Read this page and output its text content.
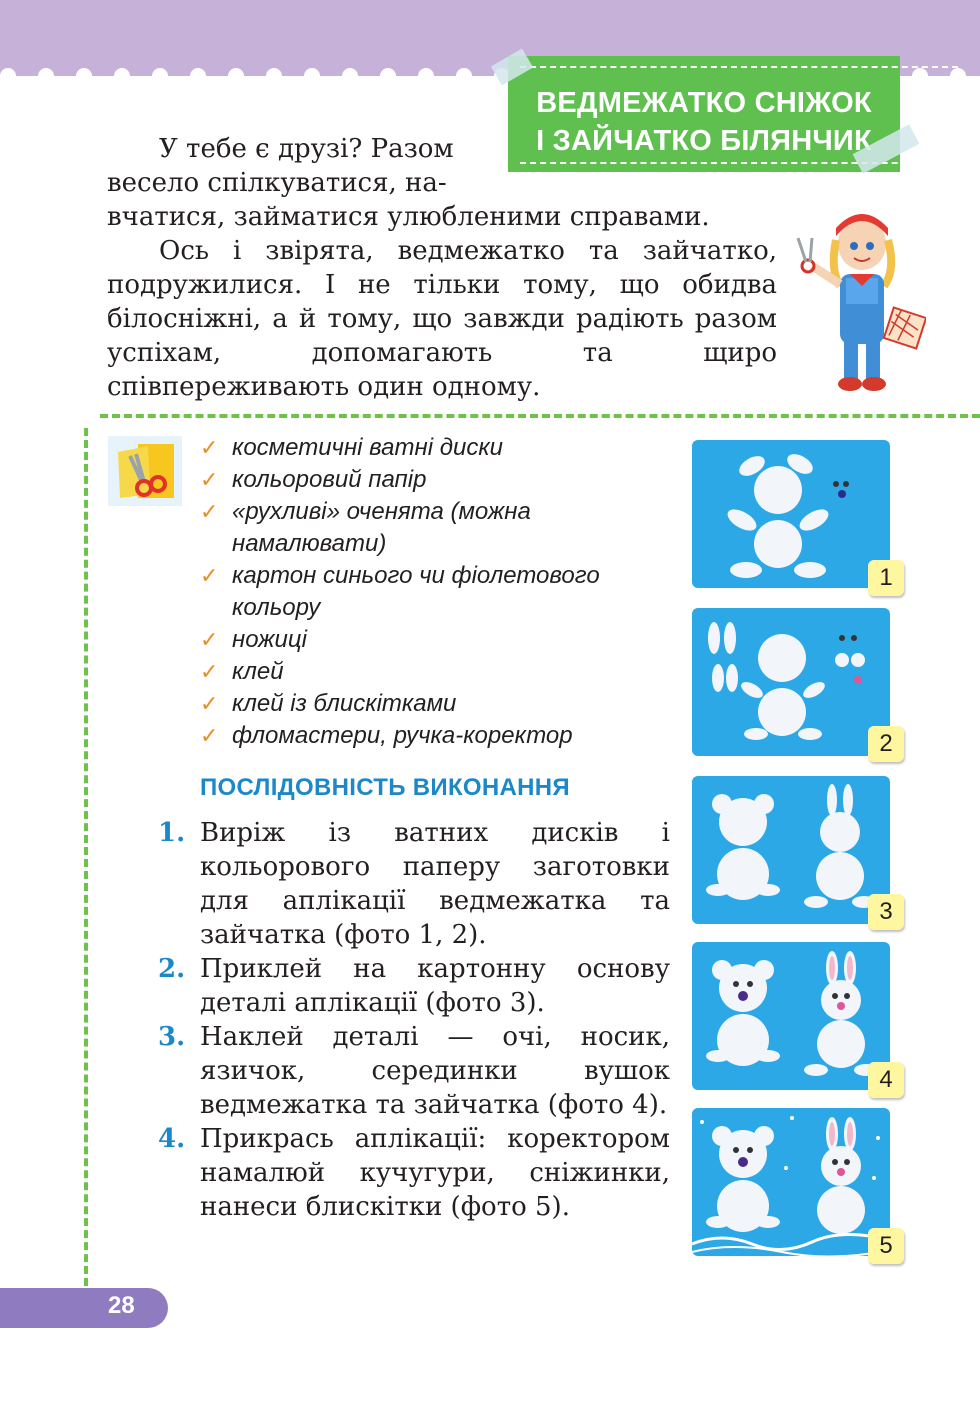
ВЕДМЕЖАТКО СНІЖОК
І ЗАЙЧАТКО БІЛЯНЧИК
У тебе є друзі? Разом
весело спілкуватися, на-
вчатися, займатися улюбленими справами.
Ось і звірята, ведмежатко та зайчатко, подружилися. І не тільки тому, що обидва білосніжні, а й тому, що завжди радіють разом успіхам, допомагають та щиро співпереживають один одному.
✓ косметичні ватні диски
✓ кольоровий папір
✓ «рухливі» оченята (можна намалювати)
✓ картон синього чи фіолетового кольору
✓ ножиці
✓ клей
✓ клей із блискітками
✓ фломастери, ручка-коректор
ПОСЛІДОВНІСТЬ ВИКОНАННЯ
1. Виріж із ватних дисків і кольорового паперу заготовки для аплікації ведмежатка та зайчатка (фото 1, 2).
2. Приклей на картонну основу деталі аплікації (фото 3).
3. Наклей деталі — очі, носик, язичок, серединки вушок ведмежатка та зайчатка (фото 4).
4. Прикрась аплікації: коректором намалюй кучугури, сніжинки, нанеси блискітки (фото 5).
1
2
3
4
5
28
